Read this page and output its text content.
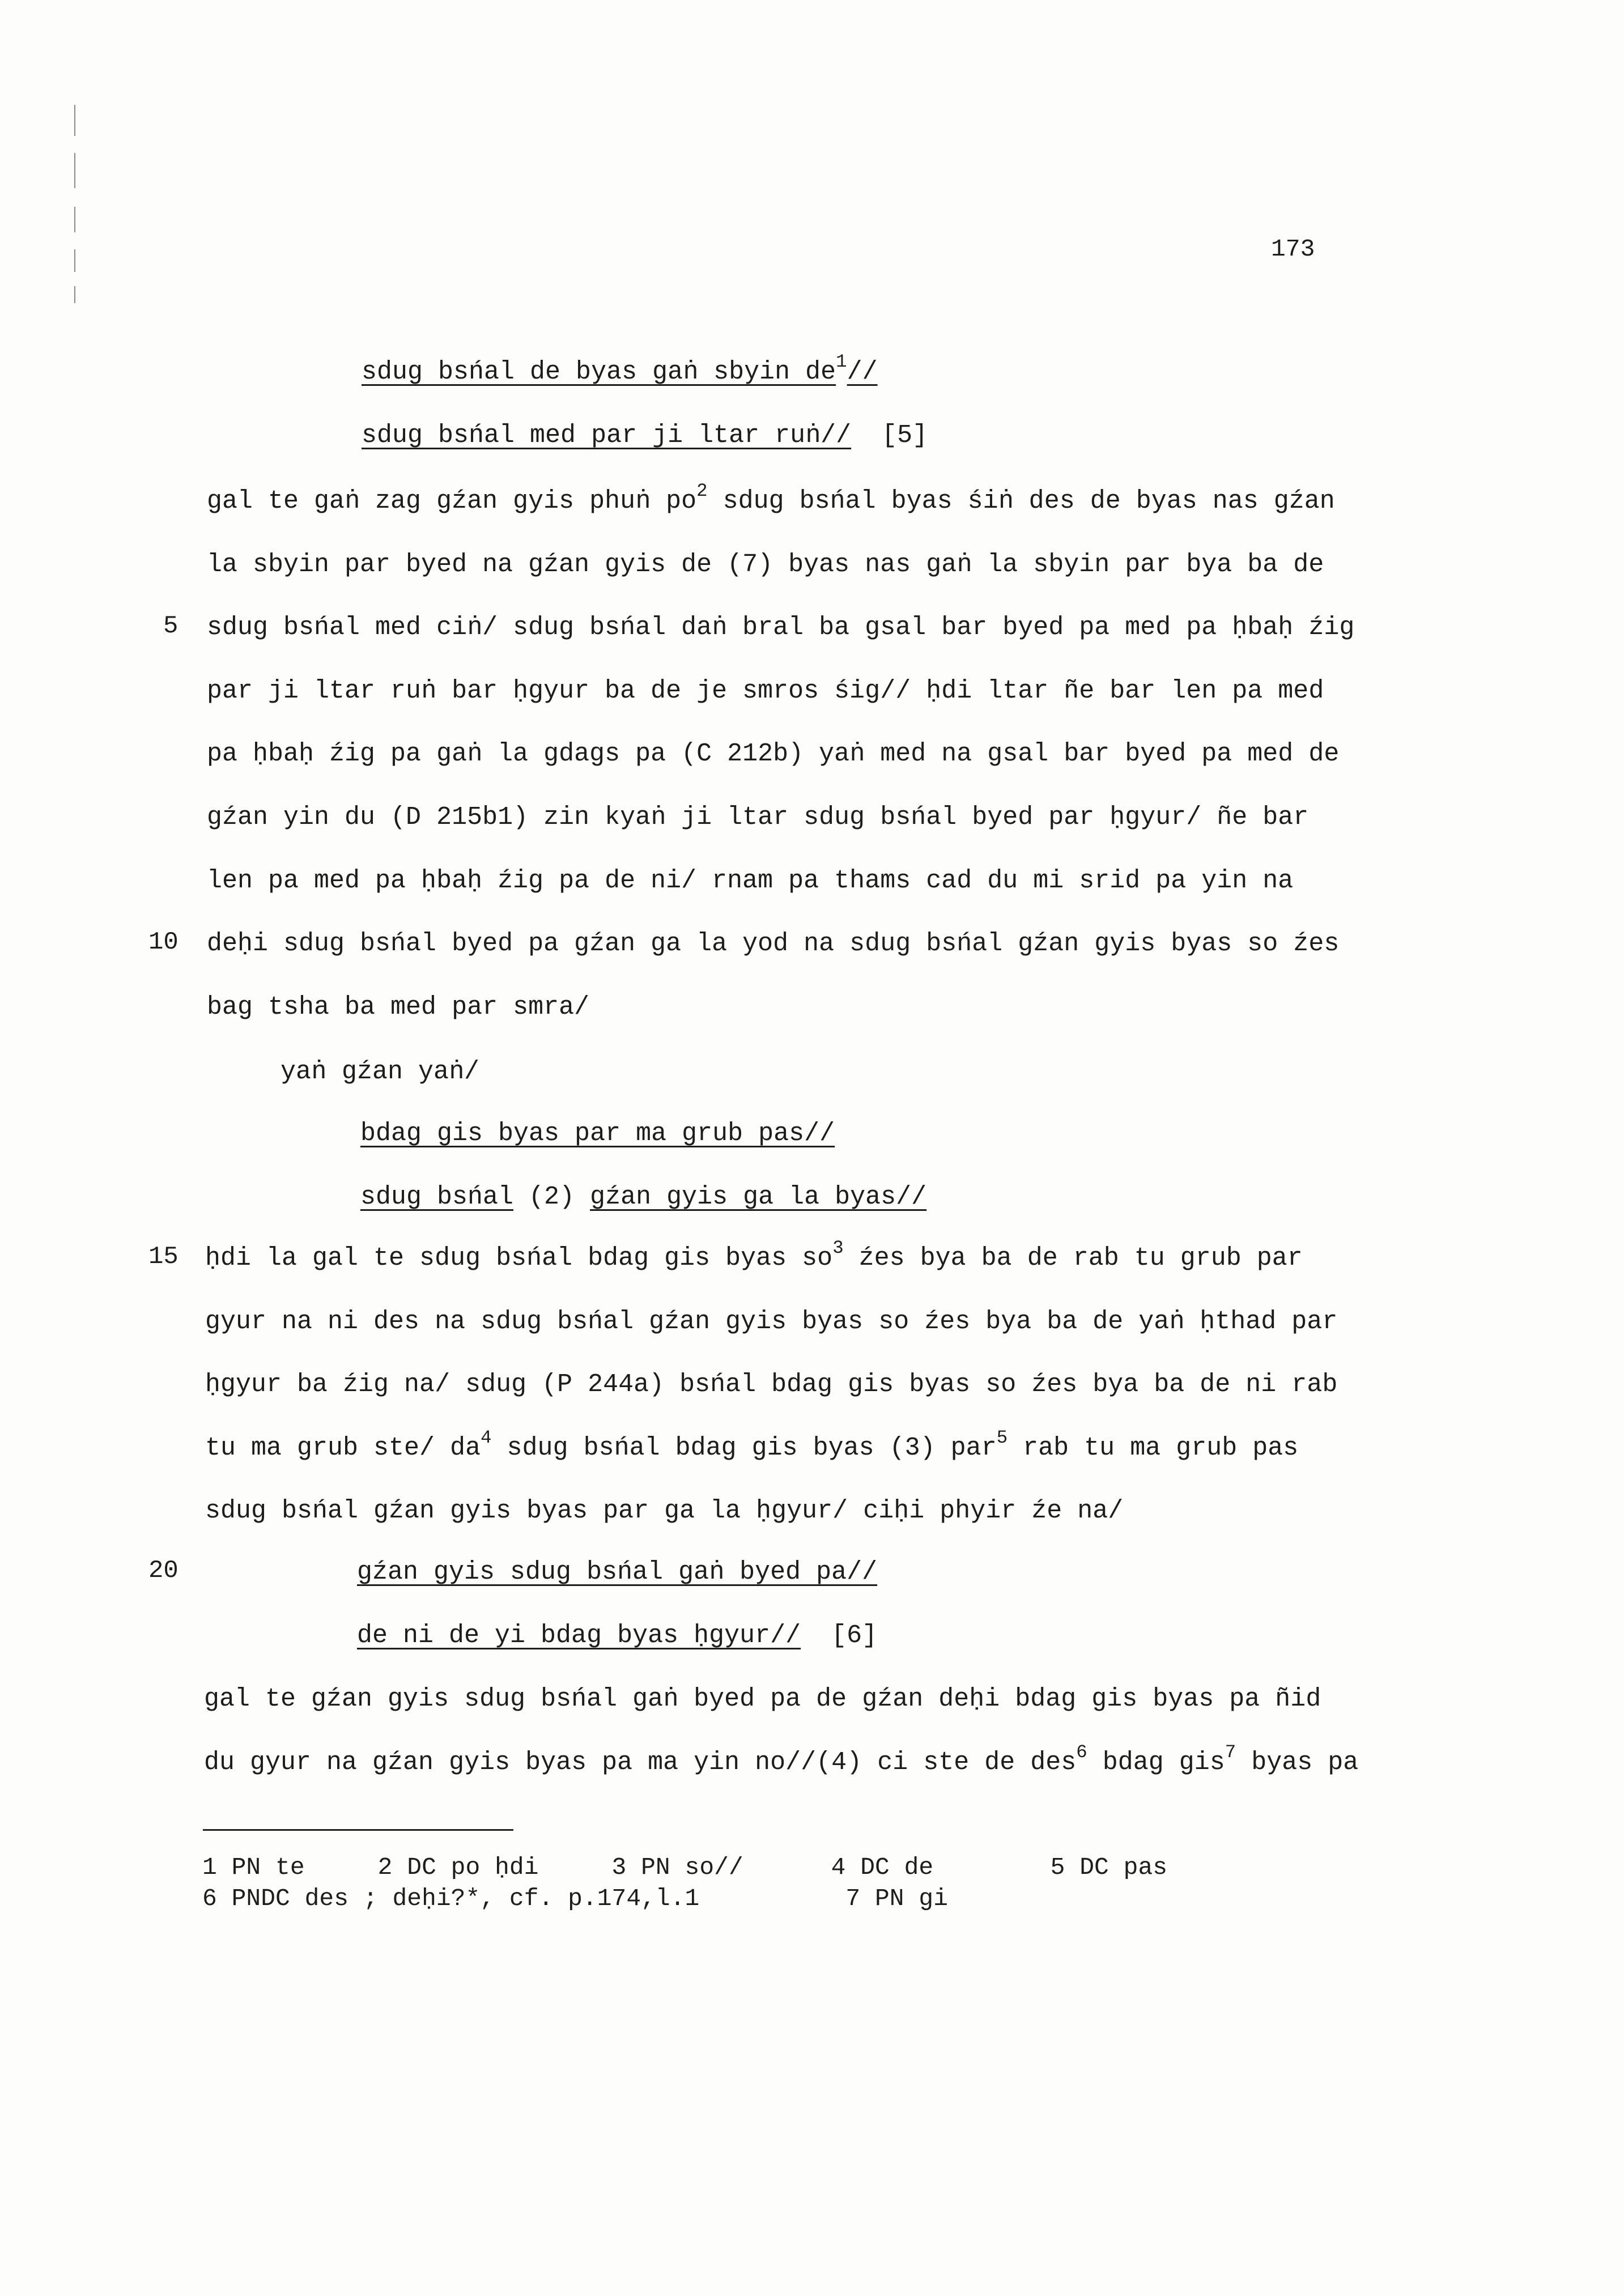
173
yaṅ gźan yaṅ/
sdug bsńal de byas gaṅ sbyin $de^1//$
sdug bsńal med par ji ltar ruṅ//  [5]
gal te gaṅ zag gźan gyis phuṅ $po^2$ sdug bsńal byas śiṅ des de byas nas gźan
la sbyin par byed na gźan gyis de (7) byas nas gaṅ la sbyin par bya ba de
sdug bsńal med ciṅ/ sdug bsńal daṅ bral ba gsal bar byed pa med pa ḥbaḥ źig
5
par ji ltar ruṅ bar ḥgyur ba de je smros śig// ḥdi ltar ñe bar len pa med
pa ḥbaḥ źig pa gaṅ la gdags pa (C 212b) yaṅ med na gsal bar byed pa med de
gźan yin du (D 215b1) zin kyaṅ ji ltar sdug bsńal byed par ḥgyur/ ñe bar
len pa med pa ḥbaḥ źig pa de ni/ rnam pa thams cad du mi srid pa yin na
deḥi sdug bsńal byed pa gźan ga la yod na sdug bsńal gźan gyis byas so źes
10
bag tsha ba med par smra/
bdag gis byas par ma grub pas//
sdug bsńal (2) gźan gyis ga la byas//
ḥdi la gal te sdug bsńal bdag gis byas $so^3$ źes bya ba de rab tu grub par
15
gyur na ni des na sdug bsńal gźan gyis byas so źes bya ba de yaṅ ḥthad par
ḥgyur ba źig na/ sdug (P 244a) bsńal bdag gis byas so źes bya ba de ni rab
tu ma grub ste/ $da^4$ sdug bsńal bdag gis byas (3) par$^5$ rab tu ma grub pas
sdug bsńal gźan gyis byas par ga la ḥgyur/ ciḥi phyir źe na/
gźan gyis sdug bsńal gaṅ byed pa//
20
de ni de yi bdag byas ḥgyur//  [6]
gal te gźan gyis sdug bsńal gaṅ byed pa de gźan deḥi bdag gis byas pa ñid
du gyur na gźan gyis byas pa ma yin no//(4) ci ste de des$^6$ bdag gis$^7$ byas pa
1 PN te     2 DC po ḥdi     3 PN so//      4 DC de        5 DC pas
6 PNDC des ; deḥi?*, cf. p.174,l.1          7 PN gi
